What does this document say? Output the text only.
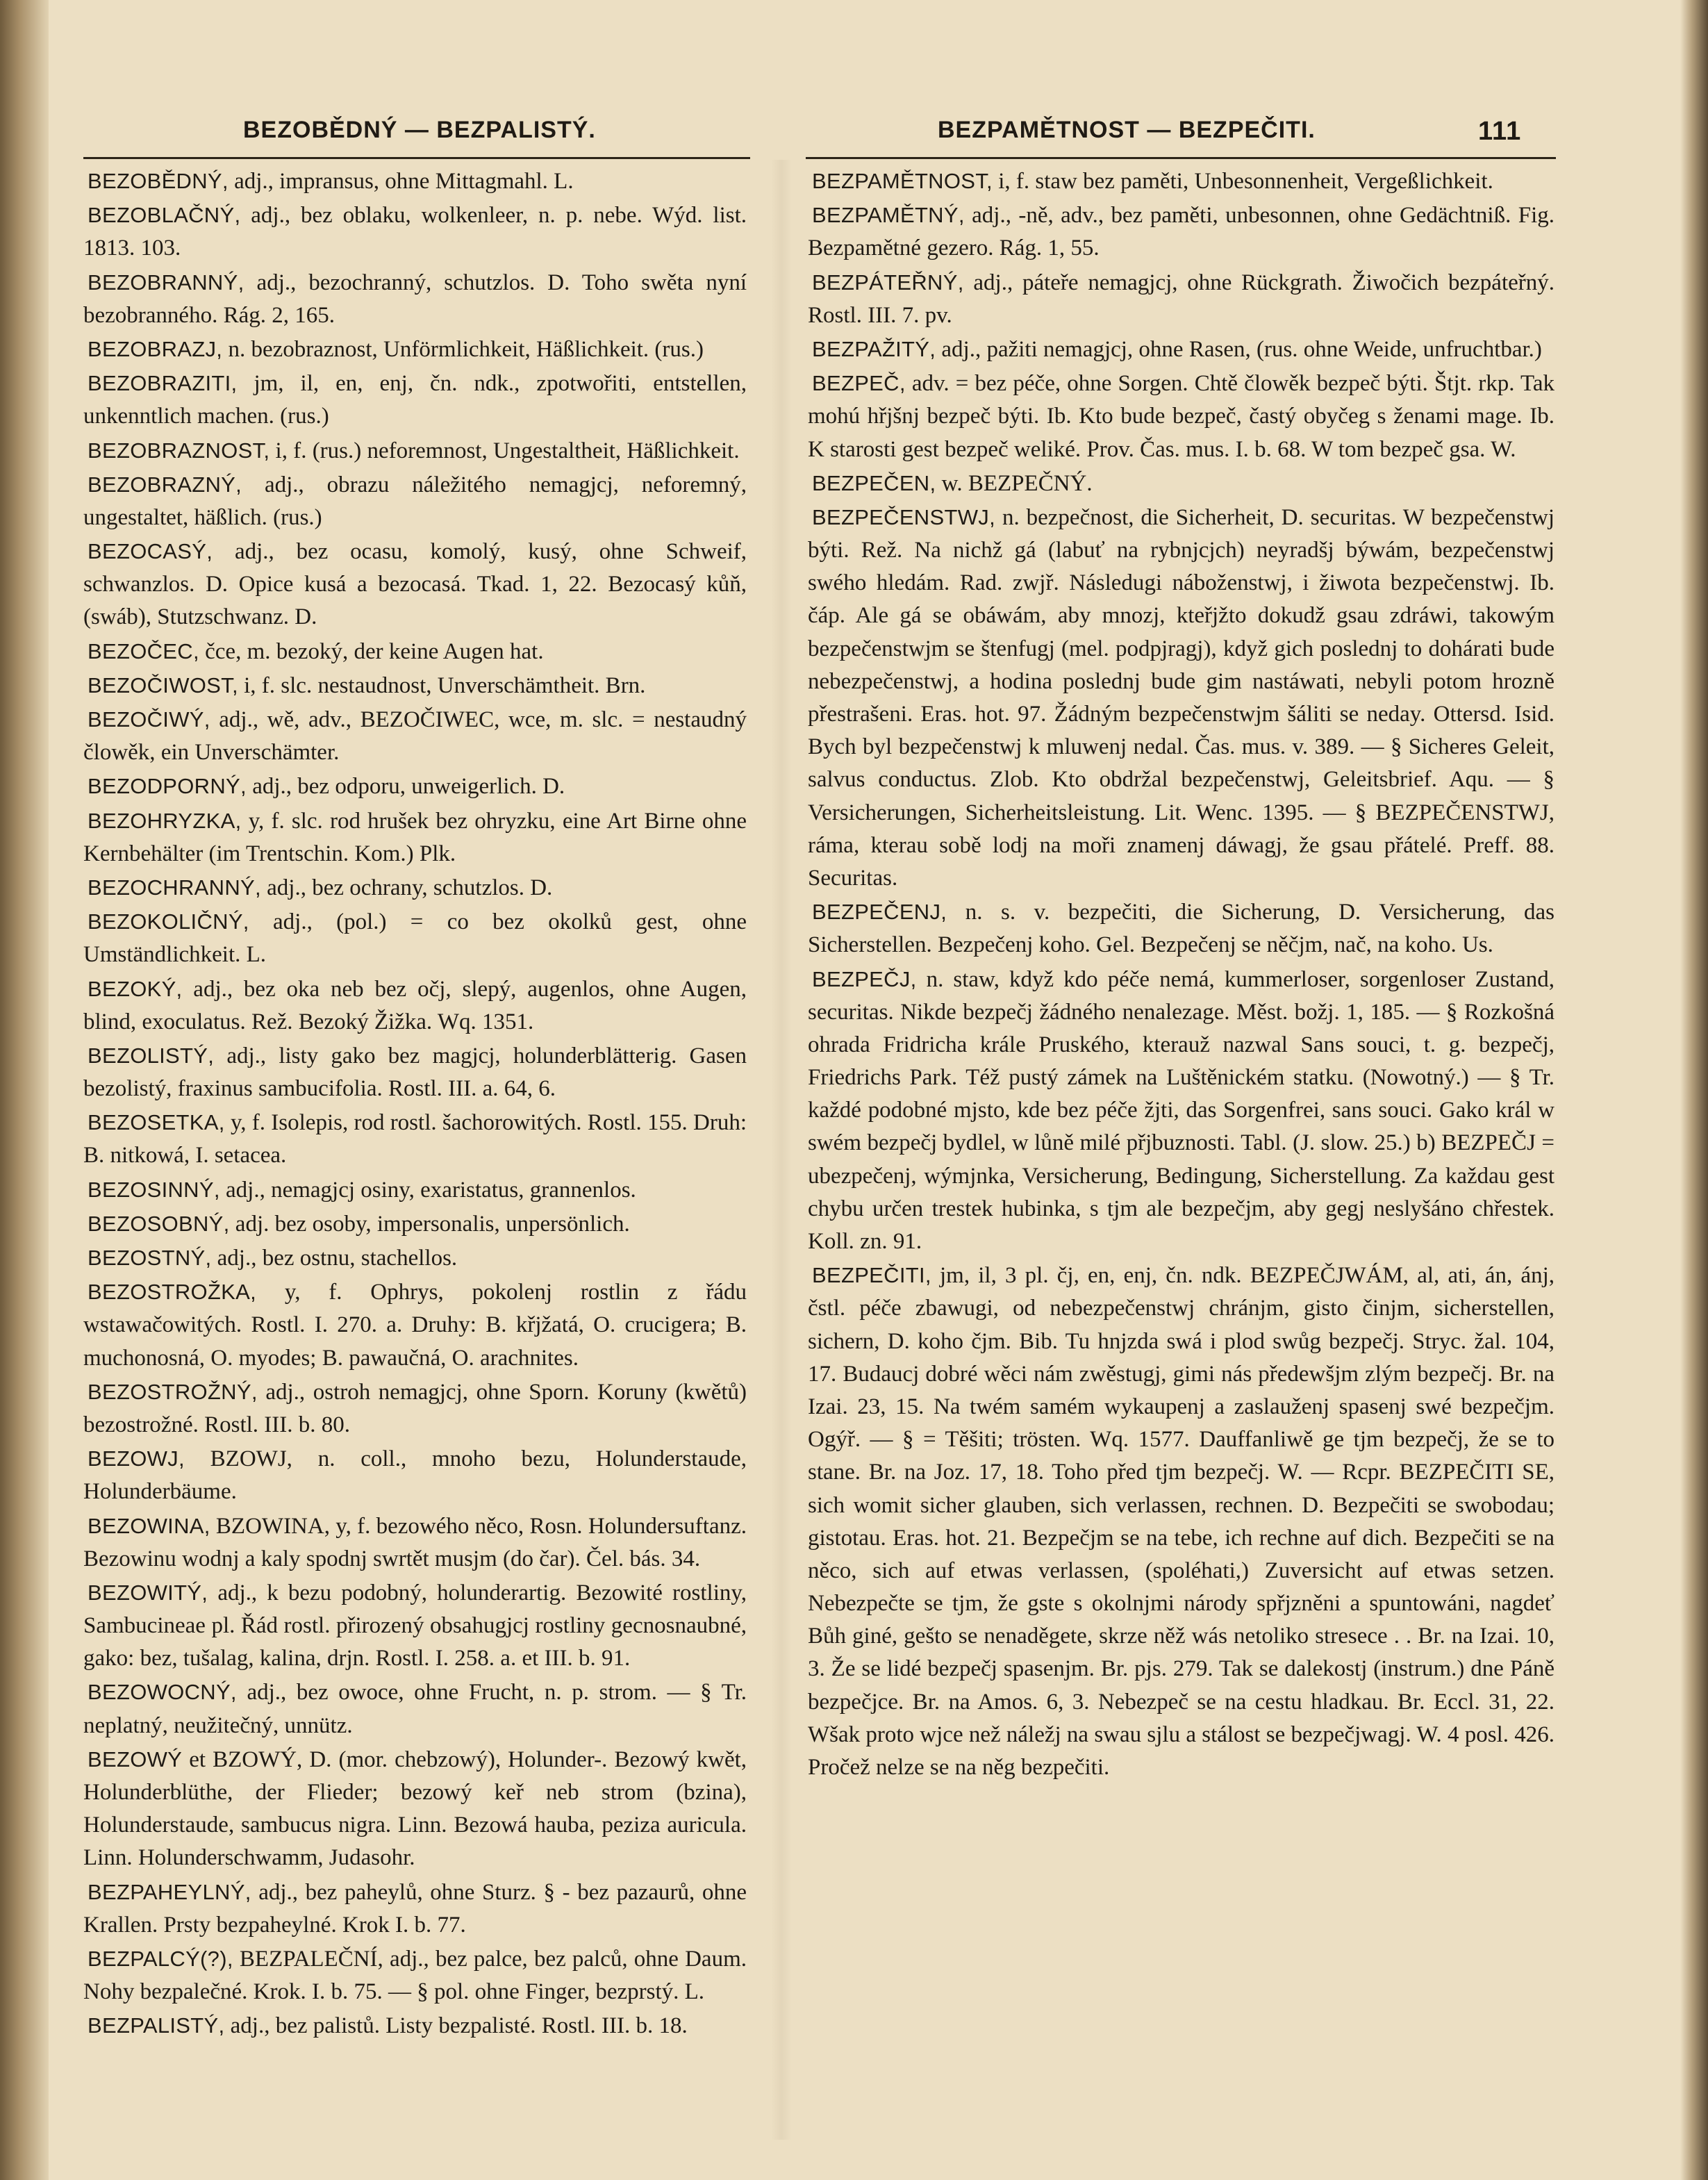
BEZOBĚDNÝ — BEZPALISTÝ.	BEZPAMĚTNOST — BEZPEČITI.	111

BEZOBĚDNÝ, adj., impransus, ohne Mittagmahl. L.

BEZOBLAČNÝ, adj., bez oblaku, wolkenleer, n. p. nebe. Wýd. list. 1813. 103.

BEZOBRANNÝ, adj., bezochranný, schutzlos. D. Toho swěta nyní bezobranného. Rág. 2, 165.

BEZOBRAZJ, n. bezobraznost, Unförmlichkeit, Häßlichkeit. (rus.)

BEZOBRAZITI, jm, il, en, enj, čn. ndk., zpotwořiti, entstellen, unkenntlich machen. (rus.)

BEZOBRAZNOST, i, f. (rus.) neforemnost, Ungestaltheit, Häßlichkeit.

BEZOBRAZNÝ, adj., obrazu náležitého nemagjcj, neforemný, ungestaltet, häßlich. (rus.)

BEZOCASÝ, adj., bez ocasu, komolý, kusý, ohne Schweif, schwanzlos. D. Opice kusá a bezocasá. Tkad. 1, 22. Bezocasý kůň, (swáb), Stutzschwanz. D.

BEZOČEC, čce, m. bezoký, der keine Augen hat.

BEZOČIWOST, i, f. slc. nestaudnost, Unverschämtheit. Brn.

BEZOČIWÝ, adj., wě, adv., BEZOČIWEC, wce, m. slc. = nestaudný člowěk, ein Unverschämter.

BEZODPORNÝ, adj., bez odporu, unweigerlich. D.

BEZOHRYZKA, y, f. slc. rod hrušek bez ohryzku, eine Art Birne ohne Kernbehälter (im Trentschin. Kom.) Plk.

BEZOCHRANNÝ, adj., bez ochrany, schutzlos. D.

BEZOKOLIČNÝ, adj., (pol.) = co bez okolků gest, ohne Umständlichkeit. L.

BEZOKÝ, adj., bez oka neb bez očj, slepý, augenlos, ohne Augen, blind, exoculatus. Rež. Bezoký Žižka. Wq. 1351.

BEZOLISTÝ, adj., listy gako bez magjcj, holunderblätterig. Gasen bezolistý, fraxinus sambucifolia. Rostl. III. a. 64, 6.

BEZOSETKA, y, f. Isolepis, rod rostl. šachorowitých. Rostl. 155. Druh: B. nitkowá, I. setacea.

BEZOSINNÝ, adj., nemagjcj osiny, exaristatus, grannenlos.

BEZOSOBNÝ, adj. bez osoby, impersonalis, unpersönlich.

BEZOSTNÝ, adj., bez ostnu, stachellos.

BEZOSTROŽKA, y, f. Ophrys, pokolenj rostlin z řádu wstawačowitých. Rostl. I. 270. a. Druhy: B. křjžatá, O. crucigera; B. muchonosná, O. myodes; B. pawaučná, O. arachnites.

BEZOSTROŽNÝ, adj., ostroh nemagjcj, ohne Sporn. Koruny (kwětů) bezostrožné. Rostl. III. b. 80.

BEZOWJ, BZOWJ, n. coll., mnoho bezu, Holunderstaude, Holunderbäume.

BEZOWINA, BZOWINA, y, f. bezowého něco, Rosn. Holundersuftanz. Bezowinu wodnj a kaly spodnj swrtět musjm (do čar). Čel. bás. 34.

BEZOWITÝ, adj., k bezu podobný, holunderartig. Bezowité rostliny, Sambucineae pl. Řád rostl. přirozený obsahugjcj rostliny gecnosnaubné, gako: bez, tušalag, kalina, drjn. Rostl. I. 258. a. et III. b. 91.

BEZOWOCNÝ, adj., bez owoce, ohne Frucht, n. p. strom. — § Tr. neplatný, neužitečný, unnütz.

BEZOWÝ et BZOWÝ, D. (mor. chebzowý), Holunder-. Bezowý kwět, Holunderblüthe, der Flieder; bezowý keř neb strom (bzina), Holunderstaude, sambucus nigra. Linn. Bezowá hauba, peziza auricula. Linn. Holunderschwamm, Judasohr.

BEZPAHEYLNÝ, adj., bez paheylů, ohne Sturz. § - bez pazaurů, ohne Krallen. Prsty bezpaheylné. Krok I. b. 77.

BEZPALCÝ(?), BEZPALEČNÍ, adj., bez palce, bez palců, ohne Daum. Nohy bezpalečné. Krok. I. b. 75. — § pol. ohne Finger, bezprstý. L.

BEZPALISTÝ, adj., bez palistů. Listy bezpalisté. Rostl. III. b. 18.

BEZPAMĚTNOST, i, f. staw bez paměti, Unbesonnenheit, Vergeßlichkeit.

BEZPAMĚTNÝ, adj., -ně, adv., bez paměti, unbesonnen, ohne Gedächtniß. Fig. Bezpamětné gezero. Rág. 1, 55.

BEZPÁTEŘNÝ, adj., páteře nemagjcj, ohne Rückgrath. Žiwočich bezpáteřný. Rostl. III. 7. pv.

BEZPAŽITÝ, adj., pažiti nemagjcj, ohne Rasen, (rus. ohne Weide, unfruchtbar.)

BEZPEČ, adv. = bez péče, ohne Sorgen. Chtě člowěk bezpeč býti. Štjt. rkp. Tak mohú hřjšnj bezpeč býti. Ib. Kto bude bezpeč, častý obyčeg s ženami mage. Ib. K starosti gest bezpeč weliké. Prov. Čas. mus. I. b. 68. W tom bezpeč gsa. W.

BEZPEČEN, w. BEZPEČNÝ.

BEZPEČENSTWJ, n. bezpečnost, die Sicherheit, D. securitas. W bezpečenstwj býti. Rež. Na nichž gá (labuť na rybnjcjch) neyradšj býwám, bezpečenstwj swého hledám. Rad. zwjř. Následugi náboženstwj, i žiwota bezpečenstwj. Ib. čáp. Ale gá se obáwám, aby mnozj, kteřjžto dokudž gsau zdráwi, takowým bezpečenstwjm se štenfugj (mel. podpjragj), když gich poslednj to dohárati bude nebezpečenstwj, a hodina poslednj bude gim nastáwati, nebyli potom hrozně přestrašeni. Eras. hot. 97. Žádným bezpečenstwjm šáliti se neday. Ottersd. Isid. Bych byl bezpečenstwj k mluwenj nedal. Čas. mus. v. 389. — § Sicheres Geleit, salvus conductus. Zlob. Kto obdržal bezpečenstwj, Geleitsbrief. Aqu. — § Versicherungen, Sicherheitsleistung. Lit. Wenc. 1395. — § BEZPEČENSTWJ, ráma, kterau sobě lodj na moři znamenj dáwagj, že gsau přátelé. Preff. 88. Securitas.

BEZPEČENJ, n. s. v. bezpečiti, die Sicherung, D. Versicherung, das Sicherstellen. Bezpečenj koho. Gel. Bezpečenj se něčjm, nač, na koho. Us.

BEZPEČJ, n. staw, když kdo péče nemá, kummerloser, sorgenloser Zustand, securitas. Nikde bezpečj žádného nenalezage. Měst. božj. 1, 185. — § Rozkošná ohrada Fridricha krále Pruského, kterauž nazwal Sans souci, t. g. bezpečj, Friedrichs Park. Též pustý zámek na Luštěnickém statku. (Nowotný.) — § Tr. každé podobné mjsto, kde bez péče žjti, das Sorgenfrei, sans souci. Gako král w swém bezpečj bydlel, w lůně milé přjbuznosti. Tabl. (J. slow. 25.) b) BEZPEČJ = ubezpečenj, wýmjnka, Versicherung, Bedingung, Sicherstellung. Za každau gest chybu určen trestek hubinka, s tjm ale bezpečjm, aby gegj neslyšáno chřestek. Koll. zn. 91.

BEZPEČITI, jm, il, 3 pl. čj, en, enj, čn. ndk. BEZPEČJWÁM, al, ati, án, ánj, čstl. péče zbawugi, od nebezpečenstwj chránjm, gisto činjm, sicherstellen, sichern, D. koho čjm. Bib. Tu hnjzda swá i plod swůg bezpečj. Stryc. žal. 104, 17. Budaucj dobré wěci nám zwěstugj, gimi nás předewšjm zlým bezpečj. Br. na Izai. 23, 15. Na twém samém wykaupenj a zaslauženj spasenj swé bezpečjm. Ogýř. — § = Těšiti; trösten. Wq. 1577. Dauffanliwě ge tjm bezpečj, že se to stane. Br. na Joz. 17, 18. Toho před tjm bezpečj. W. — Rcpr. BEZPEČITI SE, sich womit sicher glauben, sich verlassen, rechnen. D. Bezpečiti se swobodau; gistotau. Eras. hot. 21. Bezpečjm se na tebe, ich rechne auf dich. Bezpečiti se na něco, sich auf etwas verlassen, (spoléhati,) Zuversicht auf etwas setzen. Nebezpečte se tjm, že gste s okolnjmi národy spřjzněni a spuntowáni, nagdeť Bůh giné, gešto se nenaděgete, skrze něž wás netoliko stresece . . Br. na Izai. 10, 3. Že se lidé bezpečj spasenjm. Br. pjs. 279. Tak se dalekostj (instrum.) dne Páně bezpečjce. Br. na Amos. 6, 3. Nebezpeč se na cestu hladkau. Br. Eccl. 31, 22. Wšak proto wjce než náležj na swau sjlu a stálost se bezpečjwagj. W. 4 posl. 426. Pročež nelze se na něg bezpečiti.
